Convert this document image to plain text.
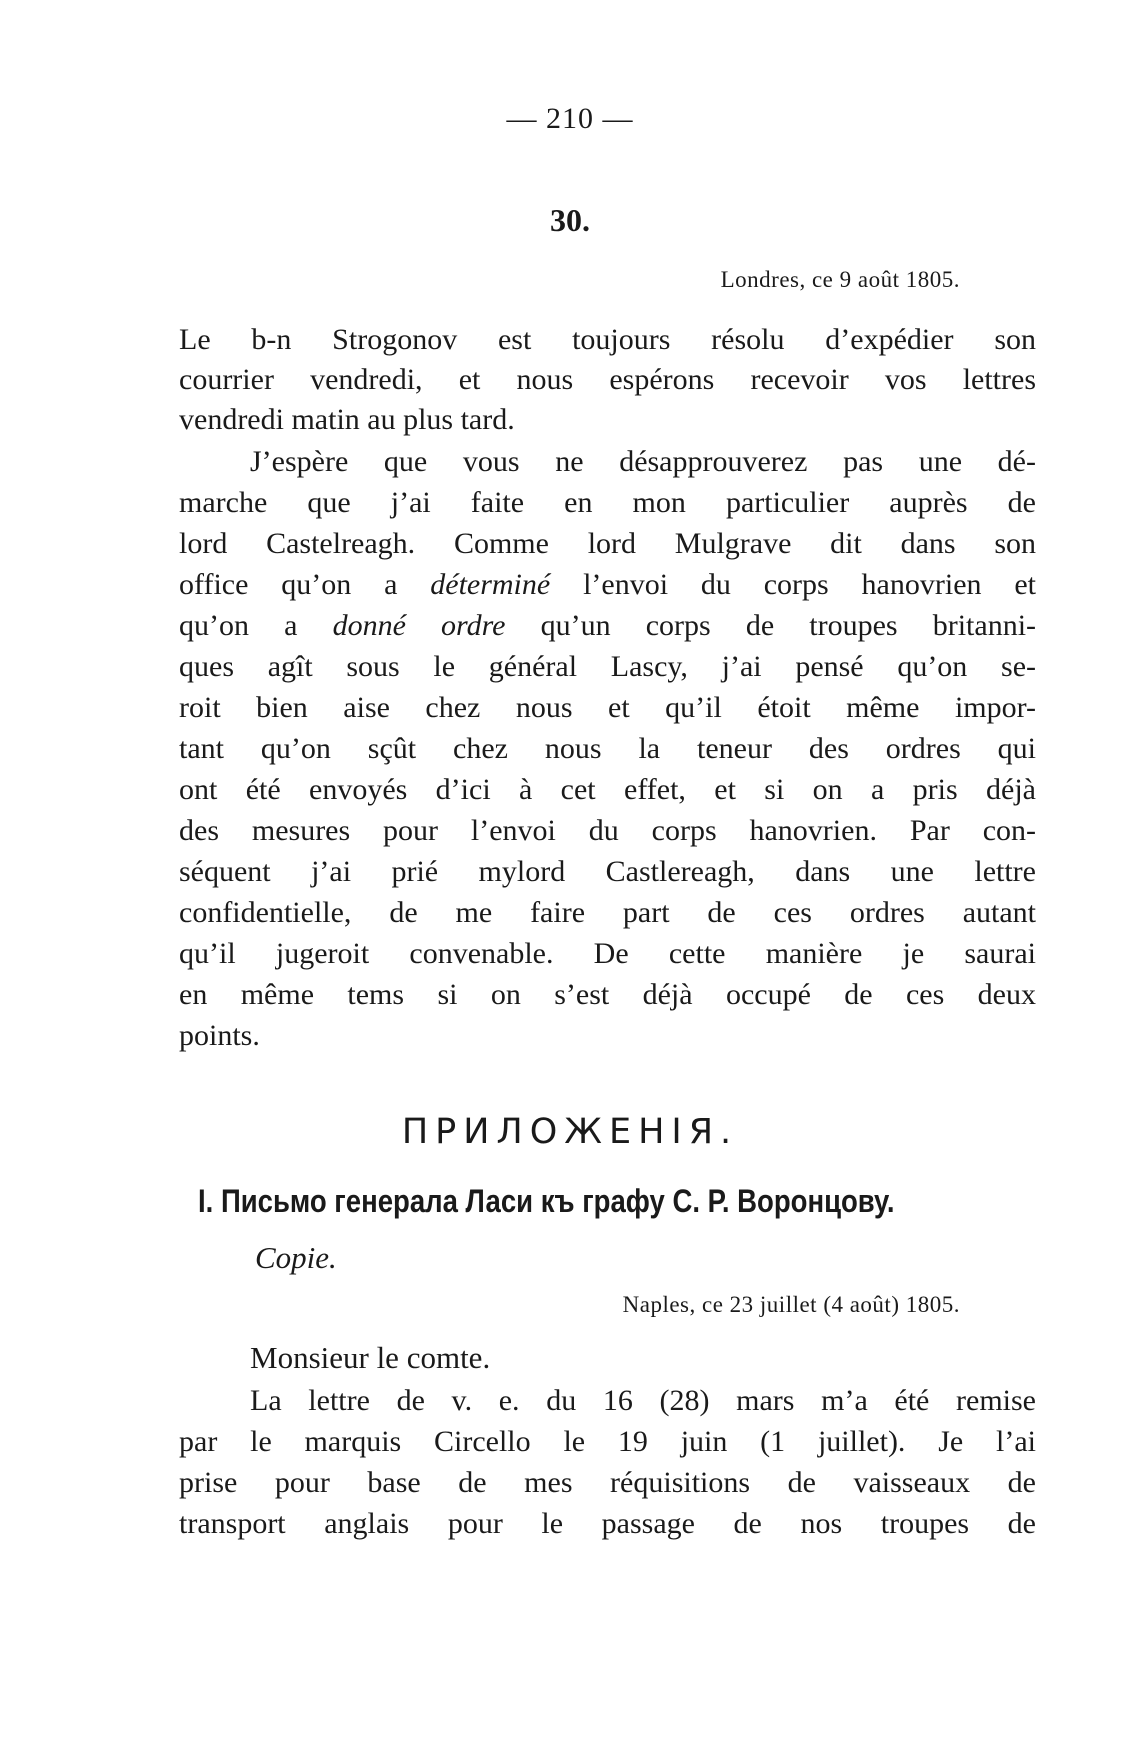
— 210 —
30.
Londres, ce 9 août 1805.
Le b-n Strogonov est toujours résolu d’expédier son
courrier vendredi, et nous espérons recevoir vos lettres
vendredi matin au plus tard.
J’espère que vous ne désapprouverez pas une dé-
marche que j’ai faite en mon particulier auprès de
lord Castelreagh. Comme lord Mulgrave dit dans son
office qu’on a déterminé l’envoi du corps hanovrien et
qu’on a donné ordre qu’un corps de troupes britanni-
ques agît sous le général Lascy, j’ai pensé qu’on se-
roit bien aise chez nous et qu’il étoit même impor-
tant qu’on sçût chez nous la teneur des ordres qui
ont été envoyés d’ici à cet effet, et si on a pris déjà
des mesures pour l’envoi du corps hanovrien. Par con-
séquent j’ai prié mylord Castlereagh, dans une lettre
confidentielle, de me faire part de ces ordres autant
qu’il jugeroit convenable. De cette manière je saurai
en même tems si on s’est déjà occupé de ces deux
points.
ПРИЛОЖЕНІЯ.
I. Письмо генерала Ласи къ графу С. Р. Воронцову.
Copie.
Naples, ce 23 juillet (4 août) 1805.
Monsieur le comte.
La lettre de v. e. du 16 (28) mars m’a été remise
par le marquis Circello le 19 juin (1 juillet). Je l’ai
prise pour base de mes réquisitions de vaisseaux de
transport anglais pour le passage de nos troupes de
